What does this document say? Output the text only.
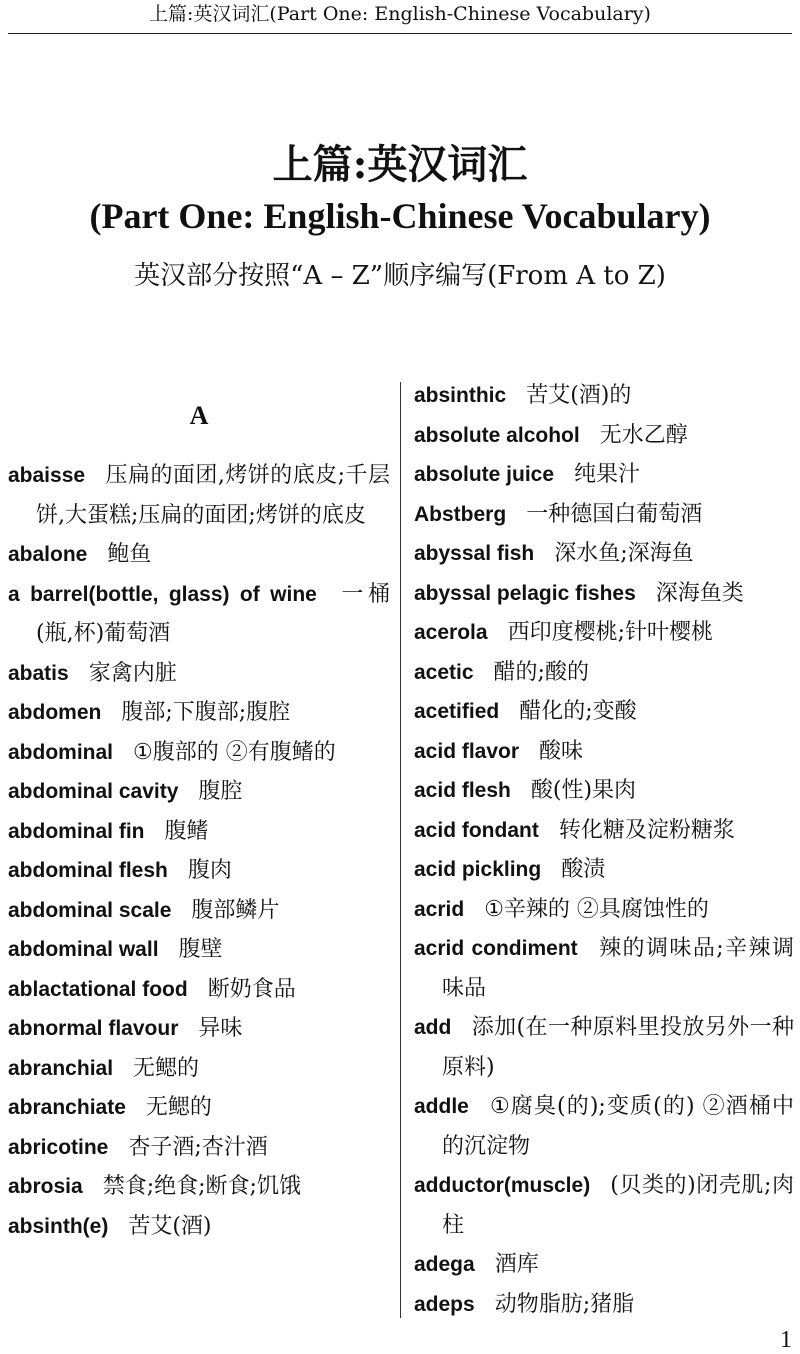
上篇:英汉词汇(Part One: English-Chinese Vocabulary)
上篇:英汉词汇
(Part One: English-Chinese Vocabulary)
英汉部分按照“A – Z”顺序编写(From A to Z)
A
abaisse 压扁的面团,烤饼的底皮;千层饼,大蛋糕;压扁的面团;烤饼的底皮
abalone 鲍鱼
a barrel(bottle, glass) of wine 一桶(瓶,杯)葡萄酒
abatis 家禽内脏
abdomen 腹部;下腹部;腹腔
abdominal ①腹部的 ②有腹鳍的
abdominal cavity 腹腔
abdominal fin 腹鳍
abdominal flesh 腹肉
abdominal scale 腹部鳞片
abdominal wall 腹壁
ablactational food 断奶食品
abnormal flavour 异味
abranchial 无鳃的
abranchiate 无鳃的
abricotine 杏子酒;杏汁酒
abrosia 禁食;绝食;断食;饥饿
absinth(e) 苦艾(酒)
absinthic 苦艾(酒)的
absolute alcohol 无水乙醇
absolute juice 纯果汁
Abstberg 一种德国白葡萄酒
abyssal fish 深水鱼;深海鱼
abyssal pelagic fishes 深海鱼类
acerola 西印度樱桃;针叶樱桃
acetic 醋的;酸的
acetified 醋化的;变酸
acid flavor 酸味
acid flesh 酸(性)果肉
acid fondant 转化糖及淀粉糖浆
acid pickling 酸渍
acrid ①辛辣的 ②具腐蚀性的
acrid condiment 辣的调味品;辛辣调味品
add 添加(在一种原料里投放另外一种原料)
addle ①腐臭(的);变质(的) ②酒桶中的沉淀物
adductor(muscle) (贝类的)闭壳肌;肉柱
adega 酒库
adeps 动物脂肪;猪脂
1
